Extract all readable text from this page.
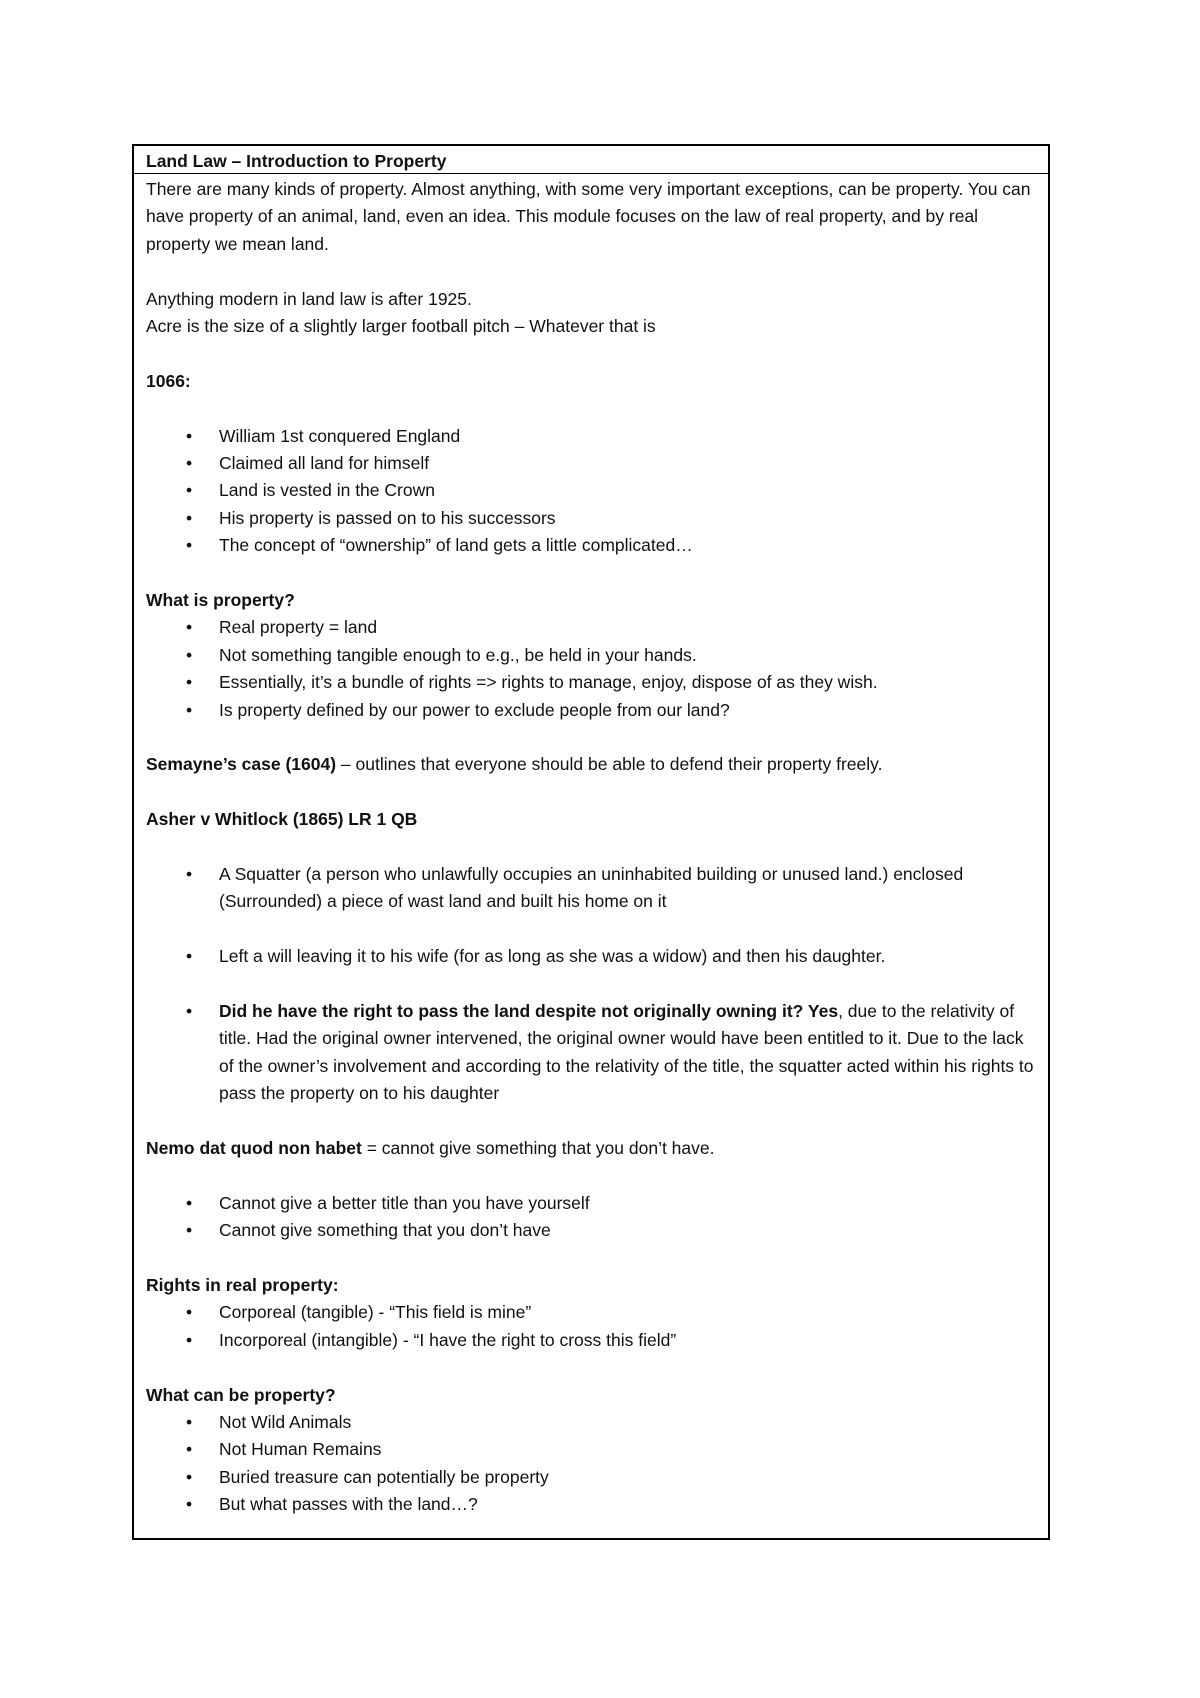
Land Law – Introduction to Property

There are many kinds of property. Almost anything, with some very important exceptions, can be property. You can have property of an animal, land, even an idea. This module focuses on the law of real property, and by real property we mean land.

Anything modern in land law is after 1925.

Acre is the size of a slightly larger football pitch – Whatever that is

1066:

• William 1st conquered England
• Claimed all land for himself
• Land is vested in the Crown
• His property is passed on to his successors
• The concept of “ownership” of land gets a little complicated…

What is property?

• Real property = land
• Not something tangible enough to e.g., be held in your hands.
• Essentially, it’s a bundle of rights => rights to manage, enjoy, dispose of as they wish.
• Is property defined by our power to exclude people from our land?

Semayne’s case (1604) – outlines that everyone should be able to defend their property freely.

Asher v Whitlock (1865) LR 1 QB

• A Squatter (a person who unlawfully occupies an uninhabited building or unused land.) enclosed (Surrounded) a piece of wast land and built his home on it
• Left a will leaving it to his wife (for as long as she was a widow) and then his daughter.
• Did he have the right to pass the land despite not originally owning it? Yes, due to the relativity of title. Had the original owner intervened, the original owner would have been entitled to it. Due to the lack of the owner’s involvement and according to the relativity of the title, the squatter acted within his rights to pass the property on to his daughter

Nemo dat quod non habet = cannot give something that you don’t have.

• Cannot give a better title than you have yourself
• Cannot give something that you don’t have

Rights in real property:

• Corporeal (tangible) - “This field is mine”
• Incorporeal (intangible) - “I have the right to cross this field”

What can be property?

• Not Wild Animals
• Not Human Remains
• Buried treasure can potentially be property
• But what passes with the land…?
